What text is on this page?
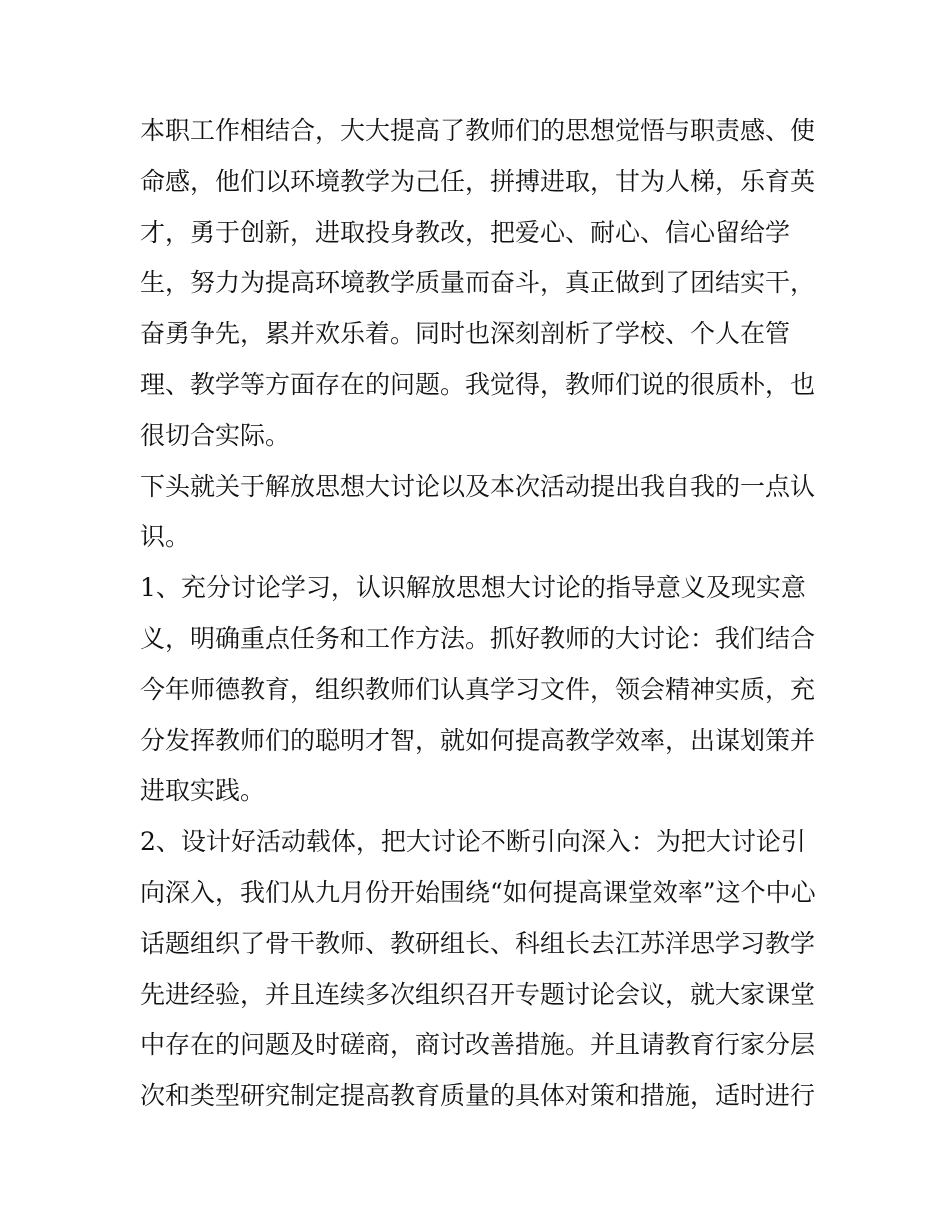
本职工作相结合，大大提高了教师们的思想觉悟与职责感、使
命感，他们以环境教学为己任，拼搏进取，甘为人梯，乐育英
才，勇于创新，进取投身教改，把爱心、耐心、信心留给学
生，努力为提高环境教学质量而奋斗，真正做到了团结实干，
奋勇争先，累并欢乐着。同时也深刻剖析了学校、个人在管
理、教学等方面存在的问题。我觉得，教师们说的很质朴，也
很切合实际。
下头就关于解放思想大讨论以及本次活动提出我自我的一点认
识。
1、充分讨论学习，认识解放思想大讨论的指导意义及现实意
义，明确重点任务和工作方法。抓好教师的大讨论：我们结合
今年师德教育，组织教师们认真学习文件，领会精神实质，充
分发挥教师们的聪明才智，就如何提高教学效率，出谋划策并
进取实践。
2、设计好活动载体，把大讨论不断引向深入：为把大讨论引
向深入，我们从九月份开始围绕“如何提高课堂效率”这个中心
话题组织了骨干教师、教研组长、科组长去江苏洋思学习教学
先进经验，并且连续多次组织召开专题讨论会议，就大家课堂
中存在的问题及时磋商，商讨改善措施。并且请教育行家分层
次和类型研究制定提高教育质量的具体对策和措施，适时进行
